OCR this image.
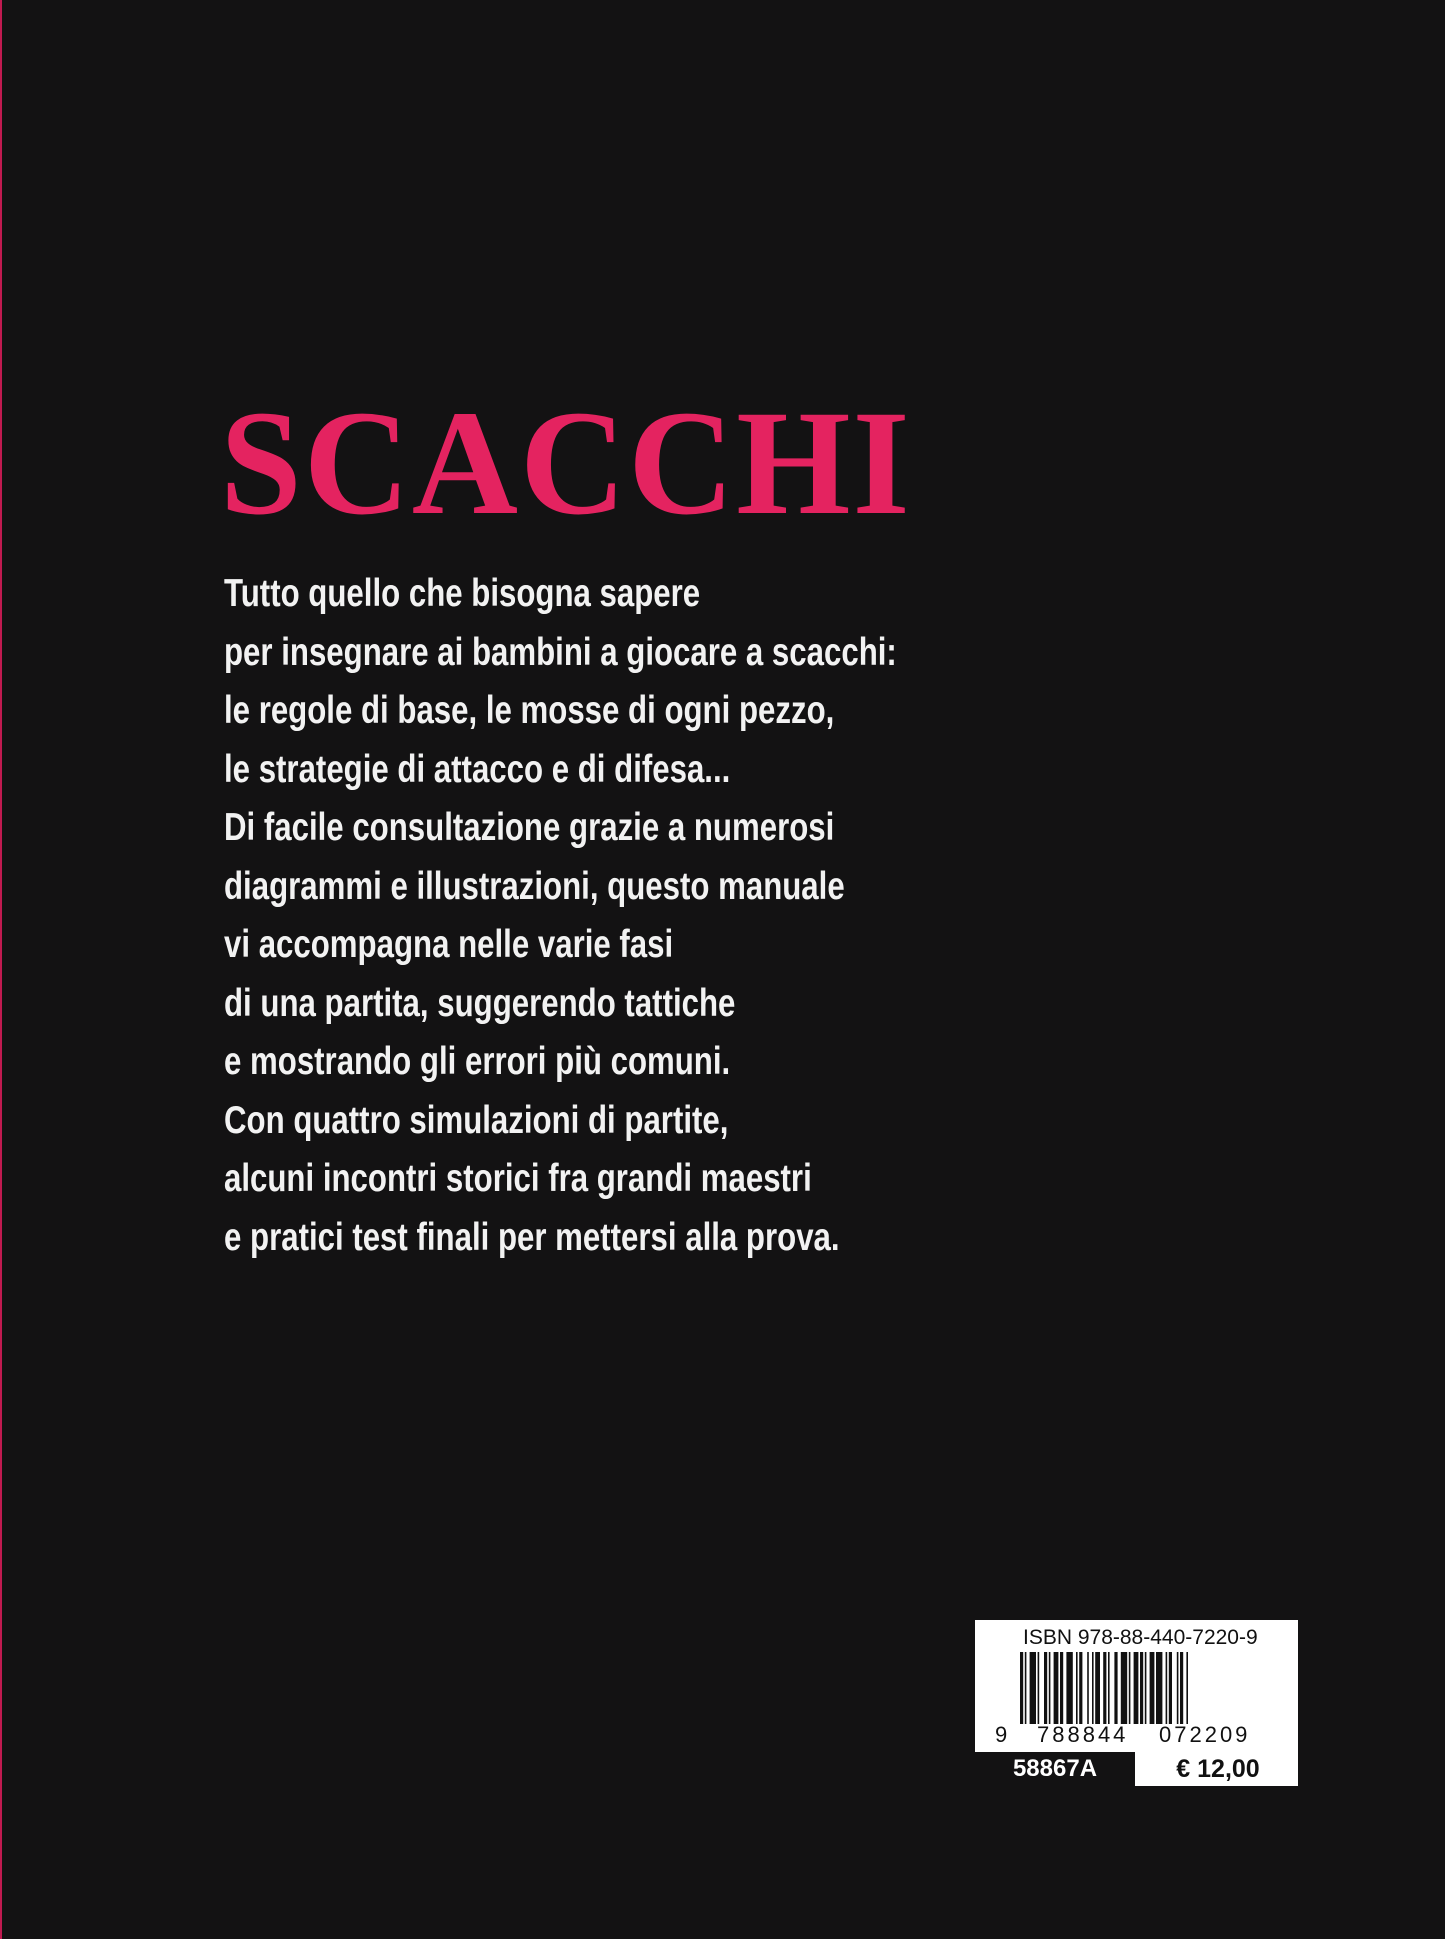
SCACCHI
Tutto quello che bisogna sapere
per insegnare ai bambini a giocare a scacchi:
le regole di base, le mosse di ogni pezzo,
le strategie di attacco e di difesa...
Di facile consultazione grazie a numerosi
diagrammi e illustrazioni, questo manuale
vi accompagna nelle varie fasi
di una partita, suggerendo tattiche
e mostrando gli errori più comuni.
Con quattro simulazioni di partite,
alcuni incontri storici fra grandi maestri
e pratici test finali per mettersi alla prova.
ISBN 978-88-440-7220-9
9 788844 072209
58867A	€ 12,00
